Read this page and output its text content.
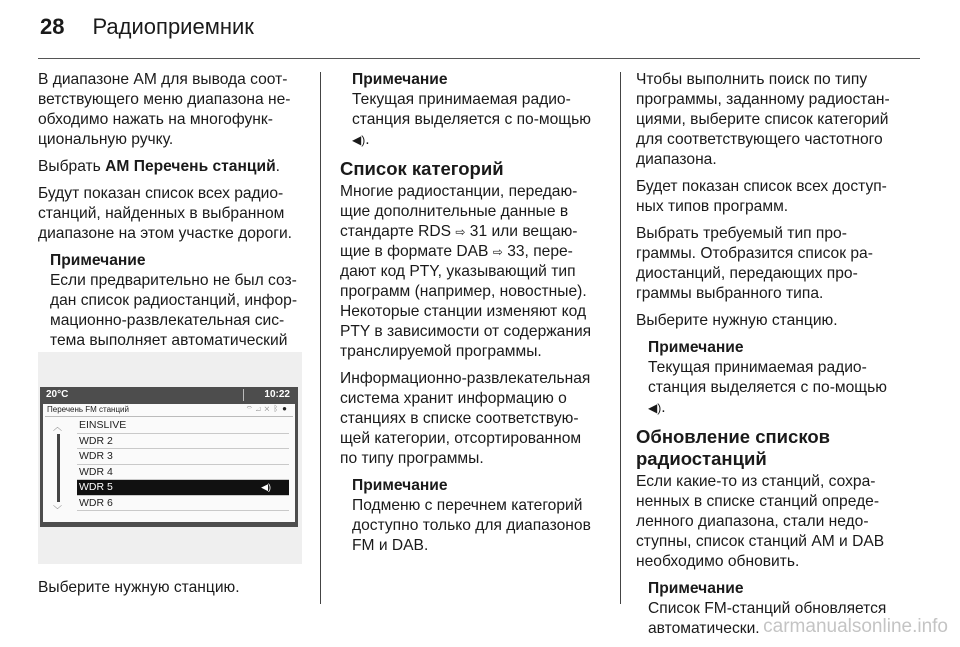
28 Радиоприемник

В диапазоне AM для вывода соот-ветствующего меню диапазона не-обходимо нажать на многофунк-циональную ручку.

Выбрать AM Перечень станций.

Будут показан список всех радио-станций, найденных в выбранном диапазоне на этом участке дороги.

Примечание
Если предварительно не был соз-дан список радиостанций, инфор-мационно-развлекательная сис-тема выполняет автоматический
20°C	10:22
Перечень FM станций	⌔⊿✕ᛒ●
︿
﹀
EINSLIVE
WDR 2
WDR 3
WDR 4
WDR 5	◀)
WDR 6

Выберите нужную станцию.

Примечание
Текущая принимаемая радио-станция выделяется с по-мощью ◀).
Список категорий

Многие радиостанции, передаю-щие дополнительные данные в стандарте RDS ⇨ 31 или вещаю-щие в формате DAB ⇨ 33, пере-дают код PTY, указывающий тип программ (например, новостные). Некоторые станции изменяют код PTY в зависимости от содержания транслируемой программы.

Информационно-развлекательная система хранит информацию о станциях в списке соответствую-щей категории, отсортированном по типу программы.

Примечание
Подменю с перечнем категорий доступно только для диапазонов FM и DAB.

Чтобы выполнить поиск по типу программы, заданному радиостан-циями, выберите список категорий для соответствующего частотного диапазона.

Будет показан список всех доступ-ных типов программ.

Выбрать требуемый тип про-граммы. Отобразится список ра-диостанций, передающих про-граммы выбранного типа.

Выберите нужную станцию.

Примечание
Текущая принимаемая радио-станция выделяется с по-мощью ◀).
Обновление списков радиостанций

Если какие-то из станций, сохра-ненных в списке станций опреде-ленного диапазона, стали недо-ступны, список станций AM и DAB необходимо обновить.

Примечание
Список FM-станций обновляется автоматически. carmanualsonline.info
